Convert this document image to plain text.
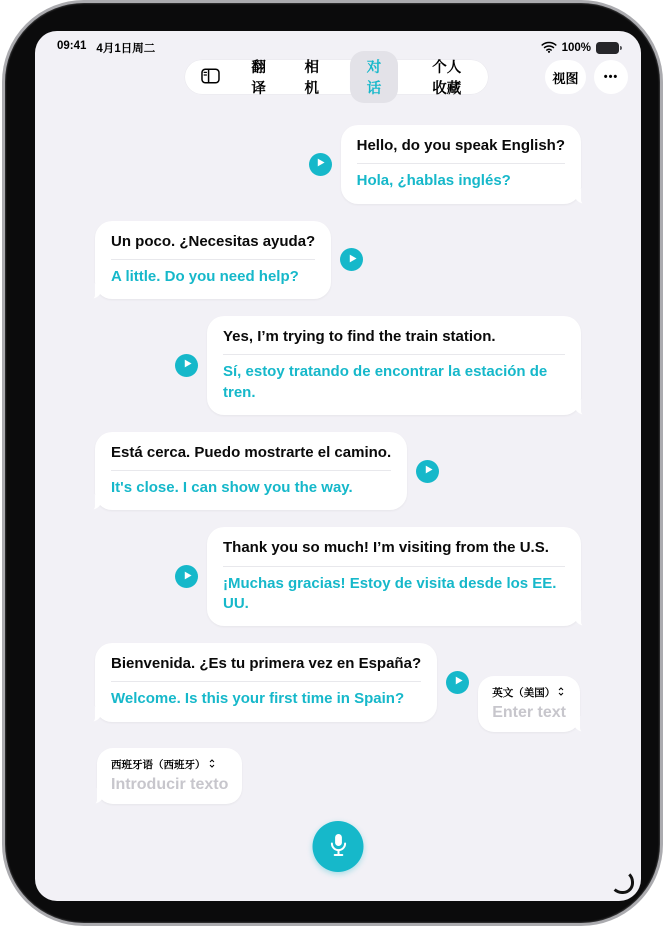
09:41 4月1日周二	100%
翻译
相机
对话
个人收藏
视图	•••
Hello, do you speak English?
Hola, ¿hablas inglés?
Un poco. ¿Necesitas ayuda?
A little. Do you need help?
Yes, I’m trying to find the train station.
Sí, estoy tratando de encontrar la estación de tren.
Está cerca. Puedo mostrarte el camino.
It's close. I can show you the way.
Thank you so much! I’m visiting from the U.S.
¡Muchas gracias! Estoy de visita desde los EE. UU.
Bienvenida. ¿Es tu primera vez en España?
Welcome. Is this your first time in Spain?	英文（美国）
Enter text
西班牙语（西班牙）
Introducir texto
